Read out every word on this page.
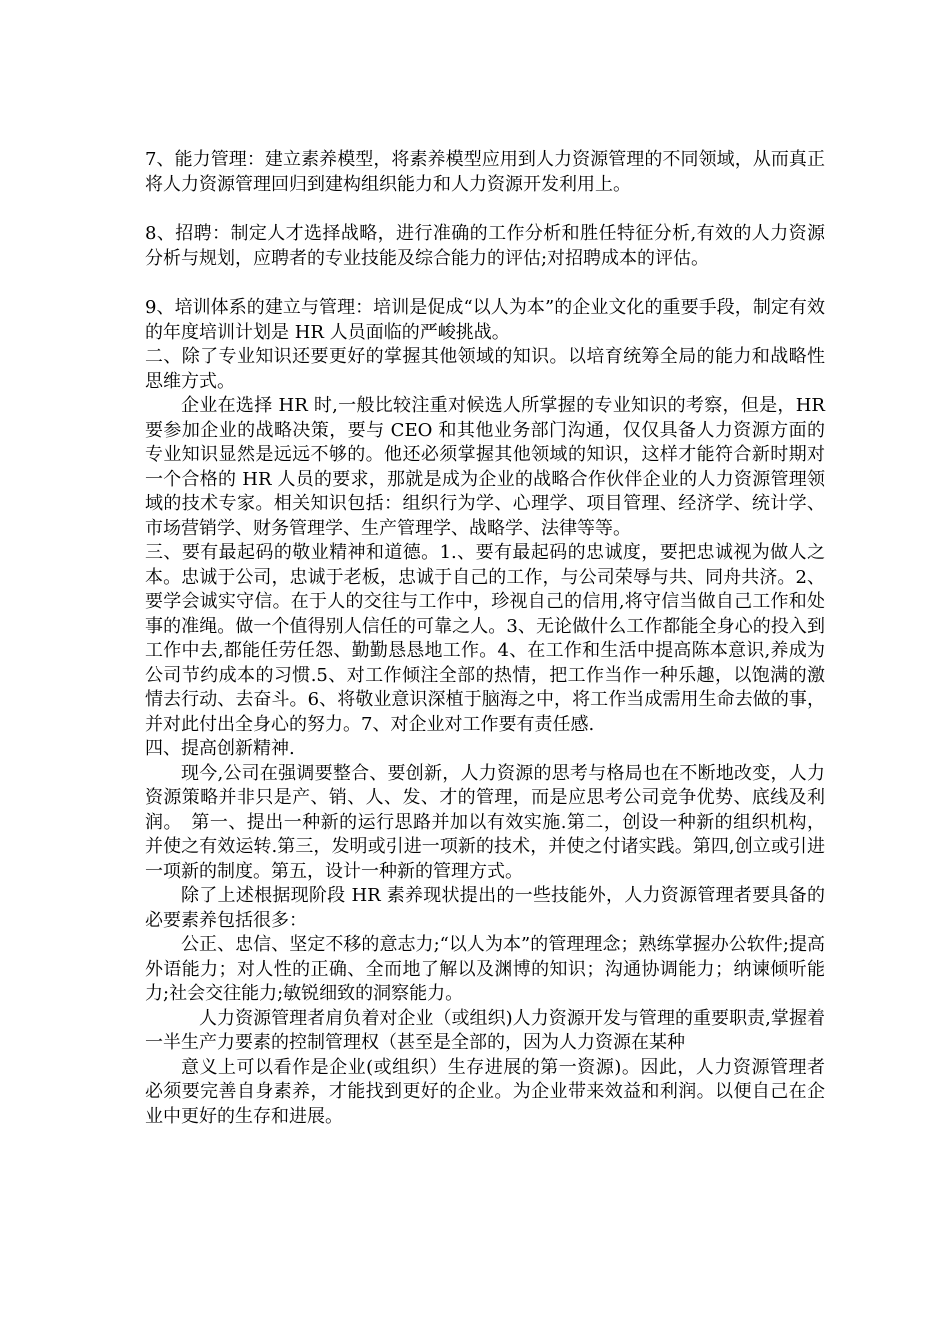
7、能力管理：建立素养模型，将素养模型应用到人力资源管理的不同领域，从而真正将人力资源管理回归到建构组织能力和人力资源开发利用上。

8、招聘：制定人才选择战略，进行准确的工作分析和胜任特征分析,有效的人力资源分析与规划，应聘者的专业技能及综合能力的评估;对招聘成本的评估。

9、培训体系的建立与管理：培训是促成“以人为本”的企业文化的重要手段，制定有效的年度培训计划是 HR 人员面临的严峻挑战。

二、除了专业知识还要更好的掌握其他领域的知识。以培育统筹全局的能力和战略性思维方式。

企业在选择 HR 时,一般比较注重对候选人所掌握的专业知识的考察，但是，HR 要参加企业的战略决策，要与 CEO 和其他业务部门沟通，仅仅具备人力资源方面的专业知识显然是远远不够的。他还必须掌握其他领域的知识，这样才能符合新时期对一个合格的 HR 人员的要求，那就是成为企业的战略合作伙伴企业的人力资源管理领域的技术专家。相关知识包括：组织行为学、心理学、项目管理、经济学、统计学、市场营销学、财务管理学、生产管理学、战略学、法律等等。

三、要有最起码的敬业精神和道德。1.、要有最起码的忠诚度，要把忠诚视为做人之本。忠诚于公司，忠诚于老板，忠诚于自己的工作，与公司荣辱与共、同舟共济。2、要学会诚实守信。在于人的交往与工作中，珍视自己的信用,将守信当做自己工作和处事的准绳。做一个值得别人信任的可靠之人。3、无论做什么工作都能全身心的投入到工作中去,都能任劳任怨、勤勤恳恳地工作。4、在工作和生活中提高陈本意识,养成为公司节约成本的习惯.5、对工作倾注全部的热情，把工作当作一种乐趣，以饱满的激情去行动、去奋斗。6、将敬业意识深植于脑海之中，将工作当成需用生命去做的事，并对此付出全身心的努力。7、对企业对工作要有责任感.

四、提高创新精神.

现今,公司在强调要整合、要创新，人力资源的思考与格局也在不断地改变，人力资源策略并非只是产、销、人、发、才的管理，而是应思考公司竞争优势、底线及利润。　第一、提出一种新的运行思路并加以有效实施.第二，创设一种新的组织机构，并使之有效运转.第三，发明或引进一项新的技术，并使之付诸实践。第四,创立或引进一项新的制度。第五，设计一种新的管理方式。

除了上述根据现阶段 HR 素养现状提出的一些技能外，人力资源管理者要具备的必要素养包括很多：

公正、忠信、坚定不移的意志力;“以人为本”的管理理念；熟练掌握办公软件;提高外语能力；对人性的正确、全而地了解以及渊博的知识；沟通协调能力；纳谏倾听能力;社会交往能力;敏锐细致的洞察能力。

人力资源管理者肩负着对企业（或组织)人力资源开发与管理的重要职责,掌握着一半生产力要素的控制管理权（甚至是全部的，因为人力资源在某种

意义上可以看作是企业(或组织）生存进展的第一资源)。因此，人力资源管理者必须要完善自身素养，才能找到更好的企业。为企业带来效益和利润。以便自己在企业中更好的生存和进展。
